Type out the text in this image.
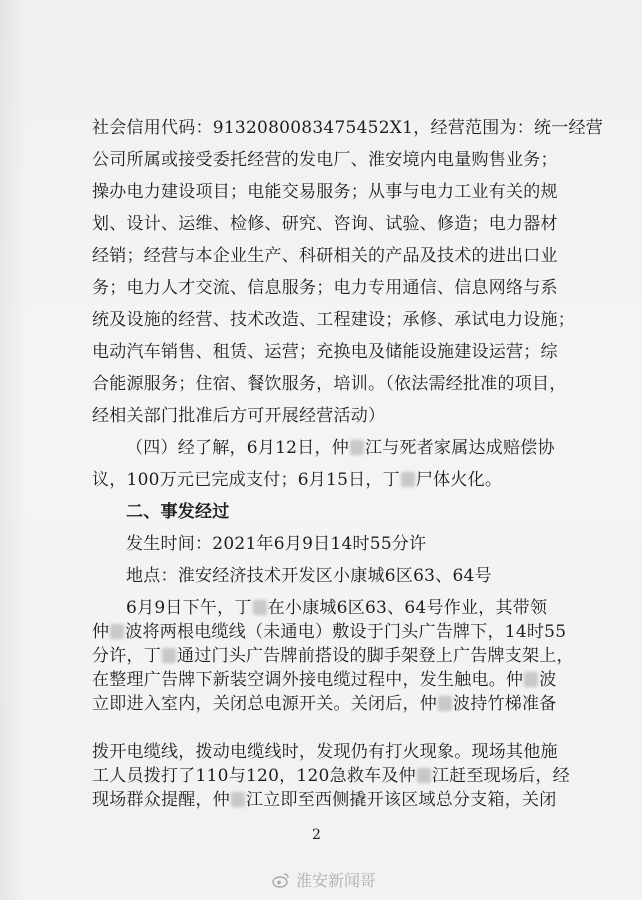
社会信用代码：913208008347545​2X1，经营范围为：统一经营
公司所属或接受委托经营的发电厂、淮安境内电量购售业务；
操办电力建设项目；电能交易服务；从事与电力工业有关的规
划、设计、运维、检修、研究、咨询、试验、修造；电力器材
经销；经营与本企业生产、科研相关的产品及技术的进出口业
务；电力人才交流、信息服务；电力专用通信、信息网络与系
统及设施的经营、技术改造、工程建设；承修、承试电力设施；
电动汽车销售、租赁、运营；充换电及储能设施建设运营；综
合能源服务；住宿、餐饮服务，培训。（依法需经批准的项目，
经相关部门批准后方可开展经营活动）
（四）经了解，6月12日，仲 江与死者家属达成赔偿协
议，100万元已完成支付；6月15日，丁 尸体火化。
二、事发经过
发生时间：2021年6月9日14时55分许
地点：淮安经济技术开发区小康城6区63、64号
6月9日下午，丁 在小康城6区63、64号作业，其带领
仲 波将两根电缆线（未通电）敷设于门头广告牌下，14时55
分许，丁 通过门头广告牌前搭设的脚手架登上广告牌支架上，
在整理广告牌下新装空调外接电缆过程中，发生触电。仲 波
立即进入室内，关闭总电源开关。关闭后，仲 波持竹梯准备
拨开电缆线，拨动电缆线时，发现仍有打火现象。现场其他施
工人员拨打了110与120，120急救车及仲 江赶至现场后，经
2
淮安新闻哥
现场群众提醒，仲 江立即至西侧撬开该区域总分支箱，关闭
